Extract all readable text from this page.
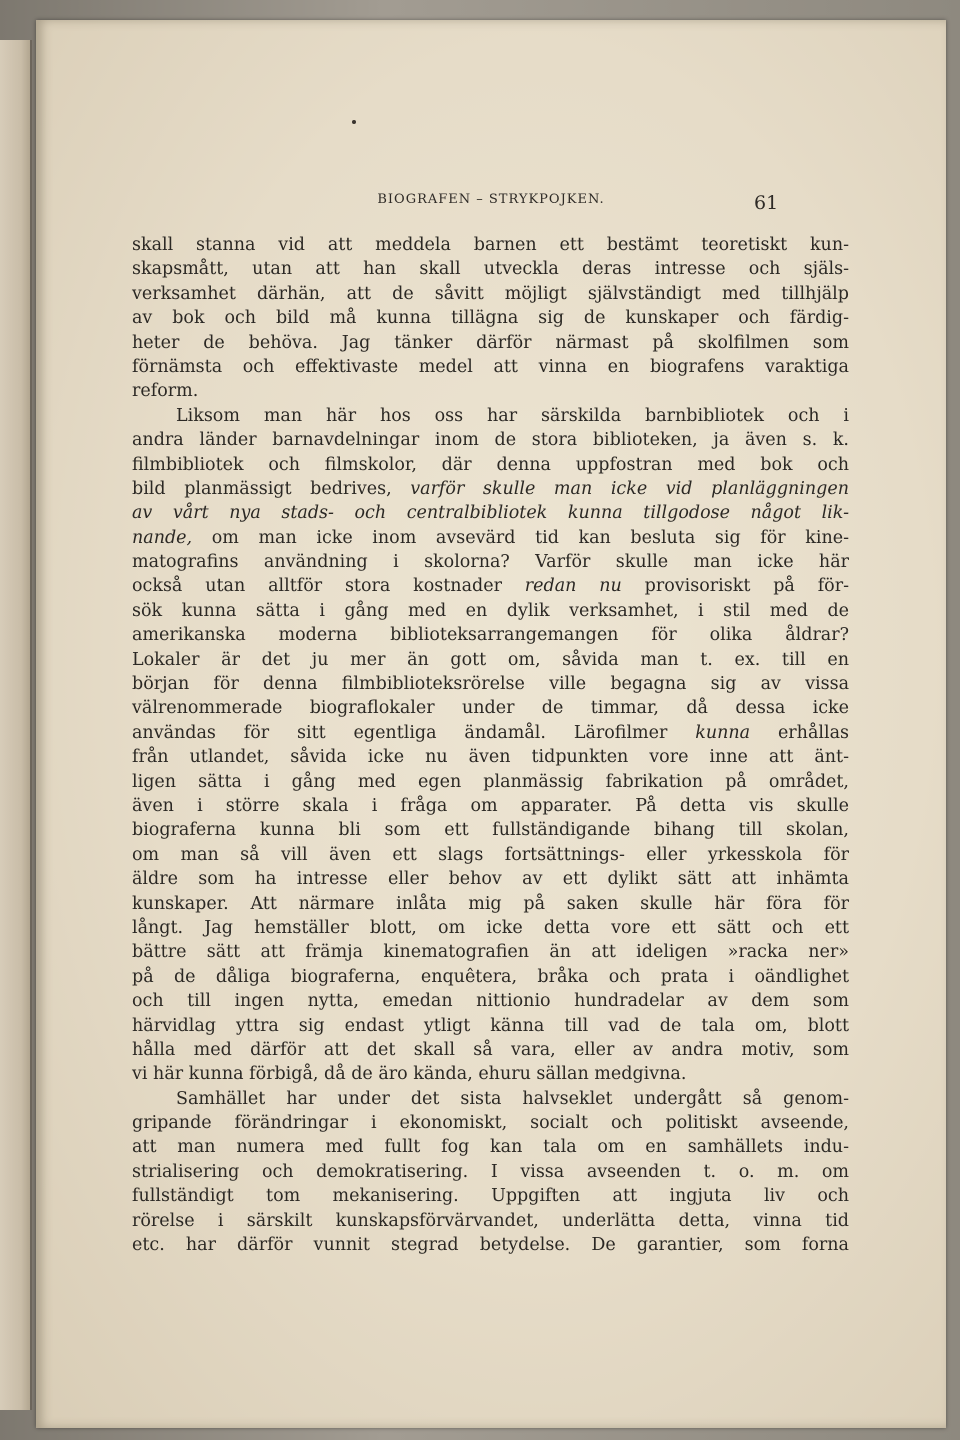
BIOGRAFEN – STRYKPOJKEN.	61
skall stanna vid att meddela barnen ett bestämt teoretiskt kun-
skapsmått, utan att han skall utveckla deras intresse och själs-
verksamhet därhän, att de såvitt möjligt självständigt med tillhjälp
av bok och bild må kunna tillägna sig de kunskaper och färdig-
heter de behöva. Jag tänker därför närmast på skolfilmen som
förnämsta och effektivaste medel att vinna en biografens varaktiga
reform.
Liksom man här hos oss har särskilda barnbibliotek och i
andra länder barnavdelningar inom de stora biblioteken, ja även s. k.
filmbibliotek och filmskolor, där denna uppfostran med bok och
bild planmässigt bedrives, varför skulle man icke vid planläggningen
av vårt nya stads- och centralbibliotek kunna tillgodose något lik-
nande, om man icke inom avsevärd tid kan besluta sig för kine-
matografins användning i skolorna? Varför skulle man icke här
också utan alltför stora kostnader redan nu provisoriskt på för-
sök kunna sätta i gång med en dylik verksamhet, i stil med de
amerikanska moderna biblioteksarrangemangen för olika åldrar?
Lokaler är det ju mer än gott om, såvida man t. ex. till en
början för denna filmbiblioteksrörelse ville begagna sig av vissa
välrenommerade biograflokaler under de timmar, då dessa icke
användas för sitt egentliga ändamål. Lärofilmer kunna erhållas
från utlandet, såvida icke nu även tidpunkten vore inne att änt-
ligen sätta i gång med egen planmässig fabrikation på området,
även i större skala i fråga om apparater. På detta vis skulle
biograferna kunna bli som ett fullständigande bihang till skolan,
om man så vill även ett slags fortsättnings- eller yrkesskola för
äldre som ha intresse eller behov av ett dylikt sätt att inhämta
kunskaper. Att närmare inlåta mig på saken skulle här föra för
långt. Jag hemställer blott, om icke detta vore ett sätt och ett
bättre sätt att främja kinematografien än att ideligen »racka ner»
på de dåliga biograferna, enquêtera, bråka och prata i oändlighet
och till ingen nytta, emedan nittionio hundradelar av dem som
härvidlag yttra sig endast ytligt känna till vad de tala om, blott
hålla med därför att det skall så vara, eller av andra motiv, som
vi här kunna förbigå, då de äro kända, ehuru sällan medgivna.
Samhället har under det sista halvseklet undergått så genom-
gripande förändringar i ekonomiskt, socialt och politiskt avseende,
att man numera med fullt fog kan tala om en samhällets indu-
strialisering och demokratisering. I vissa avseenden t. o. m. om
fullständigt tom mekanisering. Uppgiften att ingjuta liv och
rörelse i särskilt kunskapsförvärvandet, underlätta detta, vinna tid
etc. har därför vunnit stegrad betydelse. De garantier, som forna
